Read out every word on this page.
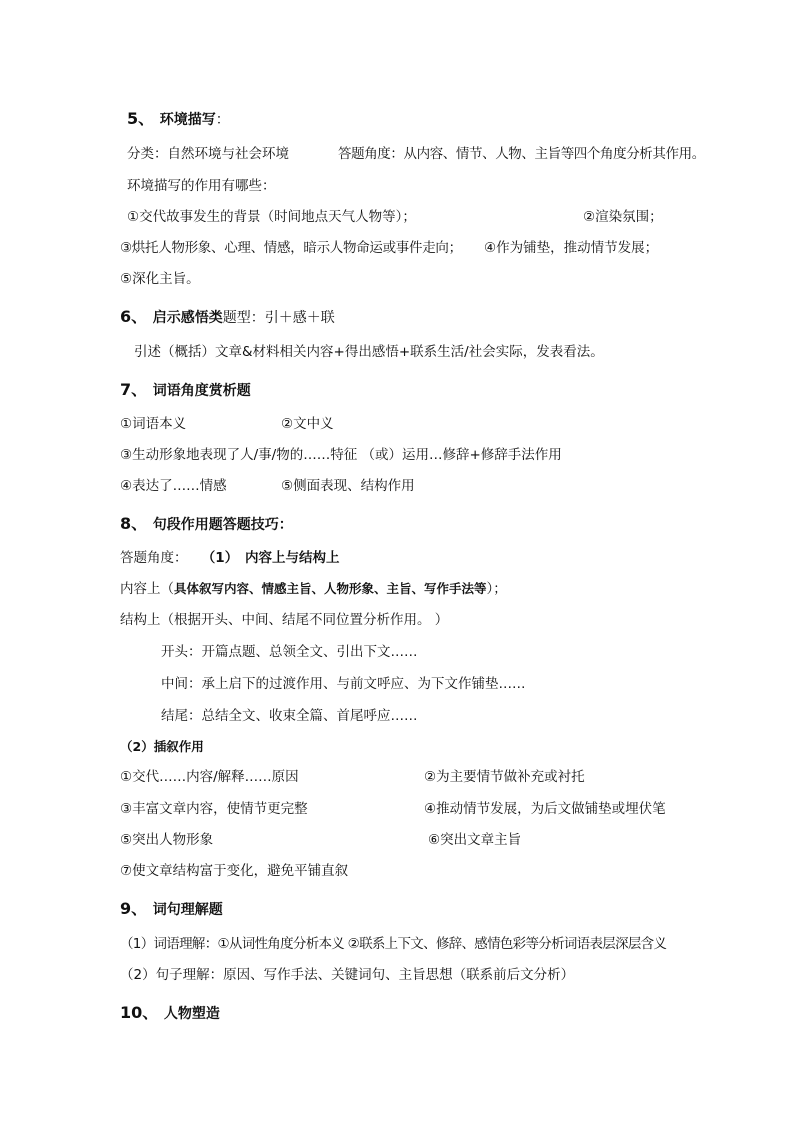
5、 环境描写：
分类：自然环境与社会环境	答题角度：从内容、情节、人物、主旨等四个角度分析其作用。
环境描写的作用有哪些：
①交代故事发生的背景（时间地点天气人物等）；	②渲染氛围；
③烘托人物形象、心理、情感，暗示人物命运或事件走向； ④作为铺垫，推动情节发展；
⑤深化主旨。
6、 启示感悟类题型：引＋感＋联
引述（概括）文章&材料相关内容+得出感悟+联系生活/社会实际，发表看法。
7、 词语角度赏析题
①词语本义	②文中义
③生动形象地表现了人/事/物的……特征 （或）运用…修辞+修辞手法作用
④表达了……情感	⑤侧面表现、结构作用
8、 句段作用题答题技巧：
答题角度： （1）　内容上与结构上
内容上（具体叙写内容、情感主旨、人物形象、主旨、写作手法等）；
结构上（根据开头、中间、结尾不同位置分析作用。 ）
开头：开篇点题、总领全文、引出下文……
中间：承上启下的过渡作用、与前文呼应、为下文作铺垫……
结尾：总结全文、收束全篇、首尾呼应……
（2）插叙作用
①交代……内容/解释……原因	②为主要情节做补充或衬托
③丰富文章内容，使情节更完整	④推动情节发展，为后文做铺垫或埋伏笔
⑤突出人物形象	⑥突出文章主旨
⑦使文章结构富于变化，避免平铺直叙
9、 词句理解题
（1）词语理解：①从词性角度分析本义 ②联系上下文、修辞、感情色彩等分析词语表层深层含义
（2）句子理解：原因、写作手法、关键词句、主旨思想（联系前后文分析）
10、 人物塑造
